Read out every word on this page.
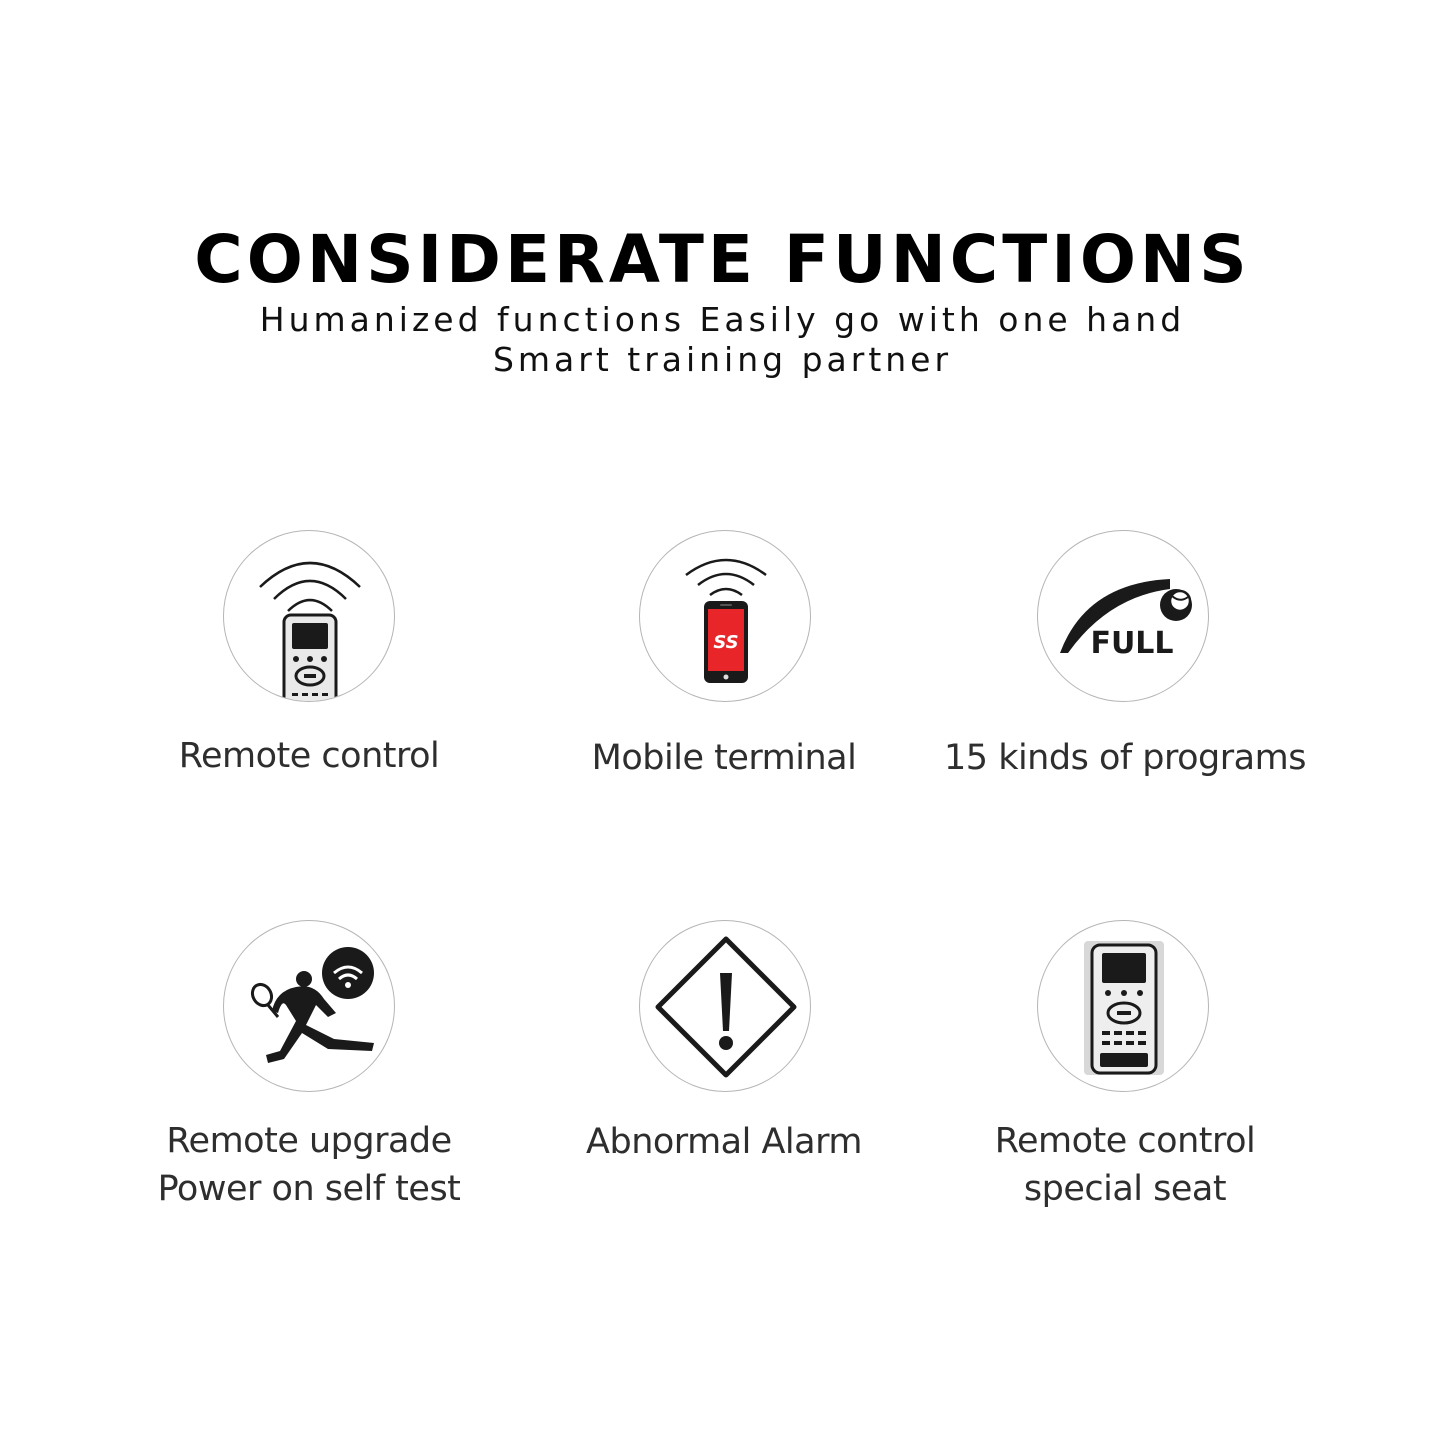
CONSIDERATE FUNCTIONS
Humanized functions Easily go with one hand
Smart training partner
Remote control
SS
Mobile terminal
FULL
15 kinds of programs
Remote upgrade
Power on self test
Abnormal Alarm	Remote control
special seat
